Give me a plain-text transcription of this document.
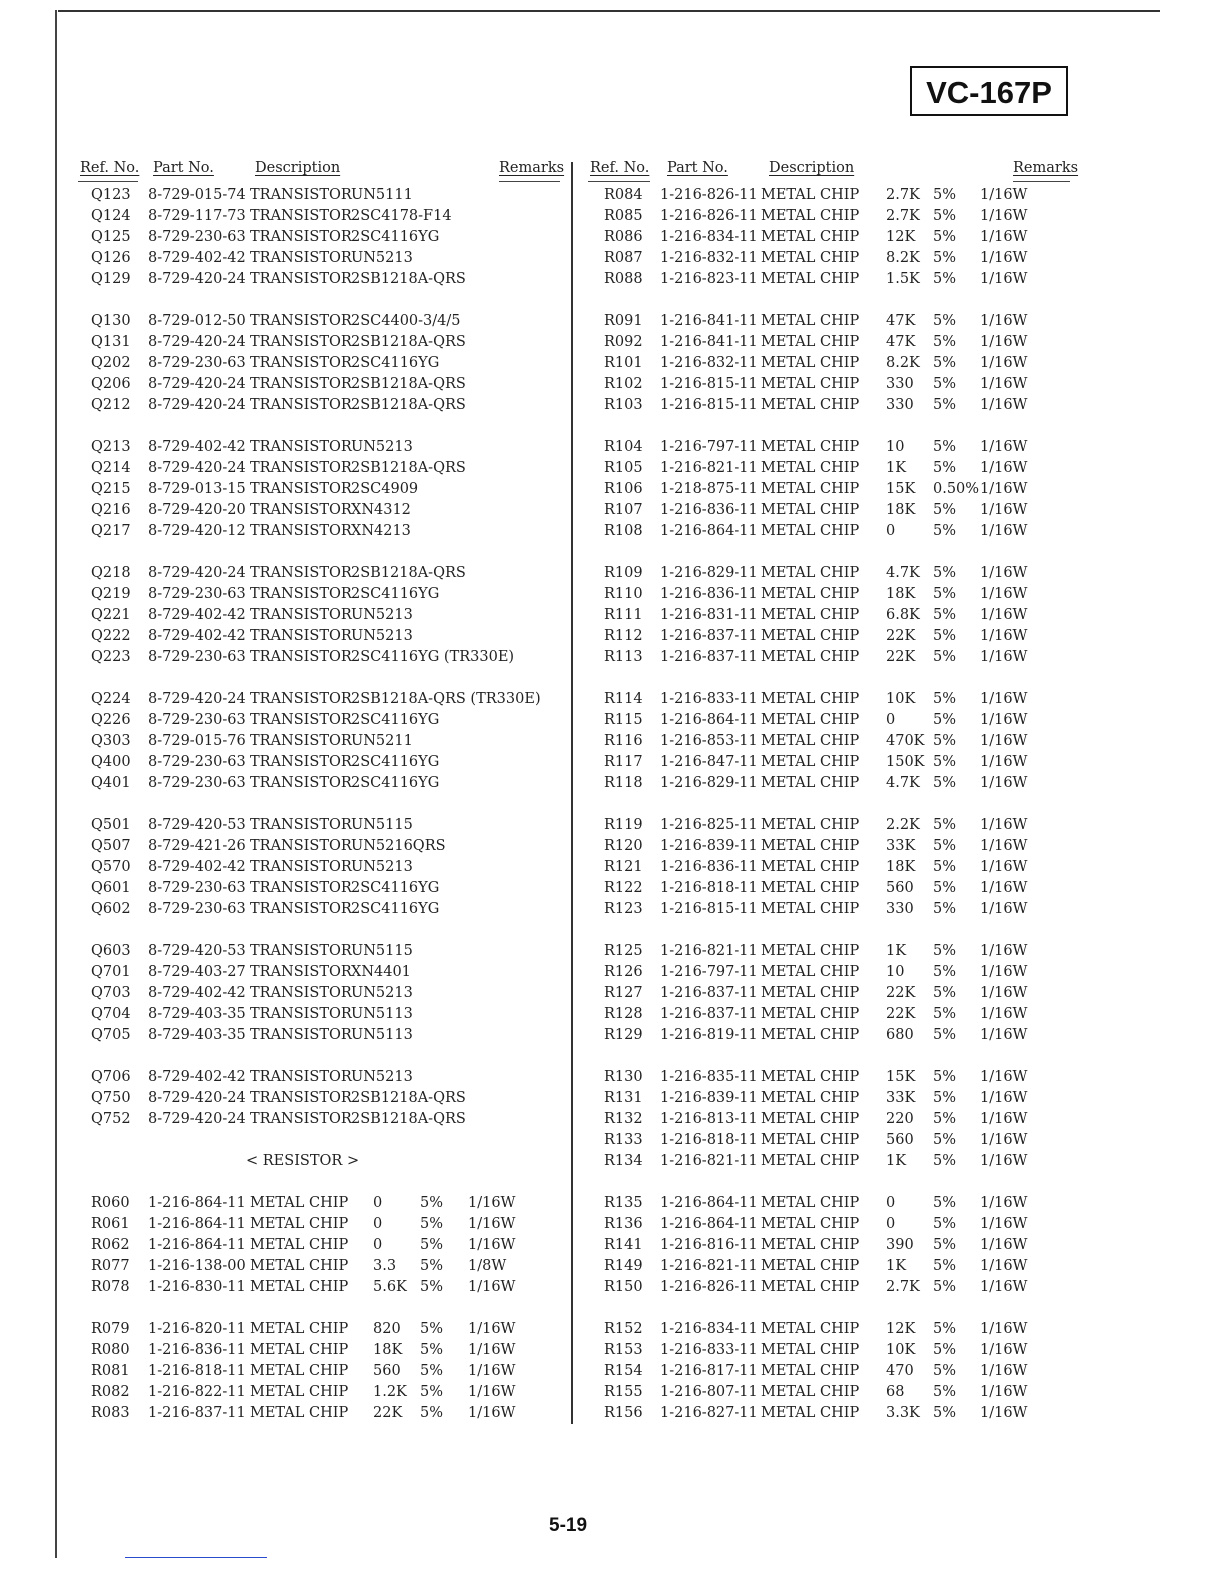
VC-167P
Ref. No. Part No.	Description	Remarks
Q123 8-729-015-74 TRANSISTOR UN5111
Q124 8-729-117-73 TRANSISTOR 2SC4178-F14
Q125 8-729-230-63 TRANSISTOR 2SC4116YG
Q126 8-729-402-42 TRANSISTOR UN5213
Q129 8-729-420-24 TRANSISTOR 2SB1218A-QRS
Q130 8-729-012-50 TRANSISTOR 2SC4400-3/4/5
Q131 8-729-420-24 TRANSISTOR 2SB1218A-QRS
Q202 8-729-230-63 TRANSISTOR 2SC4116YG
Q206 8-729-420-24 TRANSISTOR 2SB1218A-QRS
Q212 8-729-420-24 TRANSISTOR 2SB1218A-QRS
Q213 8-729-402-42 TRANSISTOR UN5213
Q214 8-729-420-24 TRANSISTOR 2SB1218A-QRS
Q215 8-729-013-15 TRANSISTOR 2SC4909
Q216 8-729-420-20 TRANSISTOR XN4312
Q217 8-729-420-12 TRANSISTOR XN4213
Q218 8-729-420-24 TRANSISTOR 2SB1218A-QRS
Q219 8-729-230-63 TRANSISTOR 2SC4116YG
Q221 8-729-402-42 TRANSISTOR UN5213
Q222 8-729-402-42 TRANSISTOR UN5213
Q223 8-729-230-63 TRANSISTOR 2SC4116YG (TR330E)
Q224 8-729-420-24 TRANSISTOR 2SB1218A-QRS (TR330E)
Q226 8-729-230-63 TRANSISTOR 2SC4116YG
Q303 8-729-015-76 TRANSISTOR UN5211
Q400 8-729-230-63 TRANSISTOR 2SC4116YG
Q401 8-729-230-63 TRANSISTOR 2SC4116YG
Q501 8-729-420-53 TRANSISTOR UN5115
Q507 8-729-421-26 TRANSISTOR UN5216QRS
Q570 8-729-402-42 TRANSISTOR UN5213
Q601 8-729-230-63 TRANSISTOR 2SC4116YG
Q602 8-729-230-63 TRANSISTOR 2SC4116YG
Q603 8-729-420-53 TRANSISTOR UN5115
Q701 8-729-403-27 TRANSISTOR XN4401
Q703 8-729-402-42 TRANSISTOR UN5213
Q704 8-729-403-35 TRANSISTOR UN5113
Q705 8-729-403-35 TRANSISTOR UN5113
Q706 8-729-402-42 TRANSISTOR UN5213
Q750 8-729-420-24 TRANSISTOR 2SB1218A-QRS
Q752 8-729-420-24 TRANSISTOR 2SB1218A-QRS
< RESISTOR >
R060 1-216-864-11 METAL CHIP 0	5% 1/16W
R061 1-216-864-11 METAL CHIP 0	5% 1/16W
R062 1-216-864-11 METAL CHIP 0	5% 1/16W
R077 1-216-138-00 METAL CHIP 3.3 5% 1/8W
R078 1-216-830-11 METAL CHIP 5.6K 5% 1/16W
R079 1-216-820-11 METAL CHIP 820 5% 1/16W
R080 1-216-836-11 METAL CHIP 18K 5% 1/16W
R081 1-216-818-11 METAL CHIP 560 5% 1/16W
R082 1-216-822-11 METAL CHIP 1.2K 5% 1/16W
R083 1-216-837-11 METAL CHIP 22K 5% 1/16W
Ref. No. Part No.	Description	Remarks
R084 1-216-826-11 METAL CHIP 2.7K 5% 1/16W
R085 1-216-826-11 METAL CHIP 2.7K 5% 1/16W
R086 1-216-834-11 METAL CHIP 12K 5% 1/16W
R087 1-216-832-11 METAL CHIP 8.2K 5% 1/16W
R088 1-216-823-11 METAL CHIP 1.5K 5% 1/16W
R091 1-216-841-11 METAL CHIP 47K 5% 1/16W
R092 1-216-841-11 METAL CHIP 47K 5% 1/16W
R101 1-216-832-11 METAL CHIP 8.2K 5% 1/16W
R102 1-216-815-11 METAL CHIP 330 5% 1/16W
R103 1-216-815-11 METAL CHIP 330 5% 1/16W
R104 1-216-797-11 METAL CHIP 10 5% 1/16W
R105 1-216-821-11 METAL CHIP 1K 5% 1/16W
R106 1-218-875-11 METAL CHIP 15K 0.50% 1/16W
R107 1-216-836-11 METAL CHIP 18K 5% 1/16W
R108 1-216-864-11 METAL CHIP 0	5% 1/16W
R109 1-216-829-11 METAL CHIP 4.7K 5% 1/16W
R110 1-216-836-11 METAL CHIP 18K 5% 1/16W
R111 1-216-831-11 METAL CHIP 6.8K 5% 1/16W
R112 1-216-837-11 METAL CHIP 22K 5% 1/16W
R113 1-216-837-11 METAL CHIP 22K 5% 1/16W
R114 1-216-833-11 METAL CHIP 10K 5% 1/16W
R115 1-216-864-11 METAL CHIP 0	5% 1/16W
R116 1-216-853-11 METAL CHIP 470K 5% 1/16W
R117 1-216-847-11 METAL CHIP 150K 5% 1/16W
R118 1-216-829-11 METAL CHIP 4.7K 5% 1/16W
R119 1-216-825-11 METAL CHIP 2.2K 5% 1/16W
R120 1-216-839-11 METAL CHIP 33K 5% 1/16W
R121 1-216-836-11 METAL CHIP 18K 5% 1/16W
R122 1-216-818-11 METAL CHIP 560 5% 1/16W
R123 1-216-815-11 METAL CHIP 330 5% 1/16W
R125 1-216-821-11 METAL CHIP 1K 5% 1/16W
R126 1-216-797-11 METAL CHIP 10 5% 1/16W
R127 1-216-837-11 METAL CHIP 22K 5% 1/16W
R128 1-216-837-11 METAL CHIP 22K 5% 1/16W
R129 1-216-819-11 METAL CHIP 680 5% 1/16W
R130 1-216-835-11 METAL CHIP 15K 5% 1/16W
R131 1-216-839-11 METAL CHIP 33K 5% 1/16W
R132 1-216-813-11 METAL CHIP 220 5% 1/16W
R133 1-216-818-11 METAL CHIP 560 5% 1/16W
R134 1-216-821-11 METAL CHIP 1K 5% 1/16W
R135 1-216-864-11 METAL CHIP 0	5% 1/16W
R136 1-216-864-11 METAL CHIP 0	5% 1/16W
R141 1-216-816-11 METAL CHIP 390 5% 1/16W
R149 1-216-821-11 METAL CHIP 1K 5% 1/16W
R150 1-216-826-11 METAL CHIP 2.7K 5% 1/16W
R152 1-216-834-11 METAL CHIP 12K 5% 1/16W
R153 1-216-833-11 METAL CHIP 10K 5% 1/16W
R154 1-216-817-11 METAL CHIP 470 5% 1/16W
R155 1-216-807-11 METAL CHIP 68 5% 1/16W
R156 1-216-827-11 METAL CHIP 3.3K 5% 1/16W
5-19
